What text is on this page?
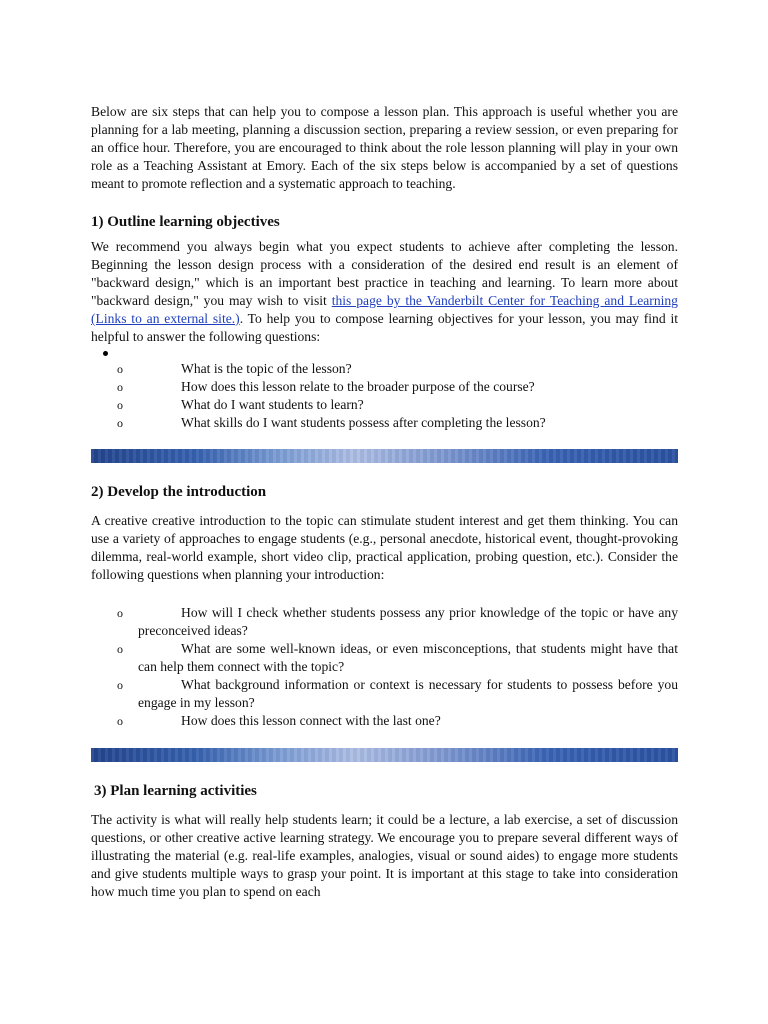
Below are six steps that can help you to compose a lesson plan. This approach is useful whether you are planning for a lab meeting, planning a discussion section, preparing a review session, or even preparing for an office hour. Therefore, you are encouraged to think about the role lesson planning will play in your own role as a Teaching Assistant at Emory. Each of the six steps below is accompanied by a set of questions meant to promote reflection and a systematic approach to teaching.

1) Outline learning objectives

We recommend you always begin what you expect students to achieve after completing the lesson. Beginning the lesson design process with a consideration of the desired end result is an element of "backward design," which is an important best practice in teaching and learning. To learn more about "backward design," you may wish to visit this page by the Vanderbilt Center for Teaching and Learning (Links to an external site.). To help you to compose learning objectives for your lesson, you may find it helpful to answer the following questions:

o	What is the topic of the lesson?
o	How does this lesson relate to the broader purpose of the course?
o	What do I want students to learn?
o	What skills do I want students possess after completing the lesson?
2) Develop the introduction

A creative creative introduction to the topic can stimulate student interest and get them thinking. You can use a variety of approaches to engage students (e.g., personal anecdote, historical event, thought-provoking dilemma, real-world example, short video clip, practical application, probing question, etc.). Consider the following questions when planning your introduction:

o	How will I check whether students possess any prior knowledge of the topic or have any preconceived ideas?
o	What are some well-known ideas, or even misconceptions, that students might have that can help them connect with the topic?
o	What background information or context is necessary for students to possess before you engage in my lesson?
o	How does this lesson connect with the last one?
3) Plan learning activities

The activity is what will really help students learn; it could be a lecture, a lab exercise, a set of discussion questions, or other creative active learning strategy. We encourage you to prepare several different ways of illustrating the material (e.g. real-life examples, analogies, visual or sound aides) to engage more students and give students multiple ways to grasp your point. It is important at this stage to take into consideration how much time you plan to spend on each
